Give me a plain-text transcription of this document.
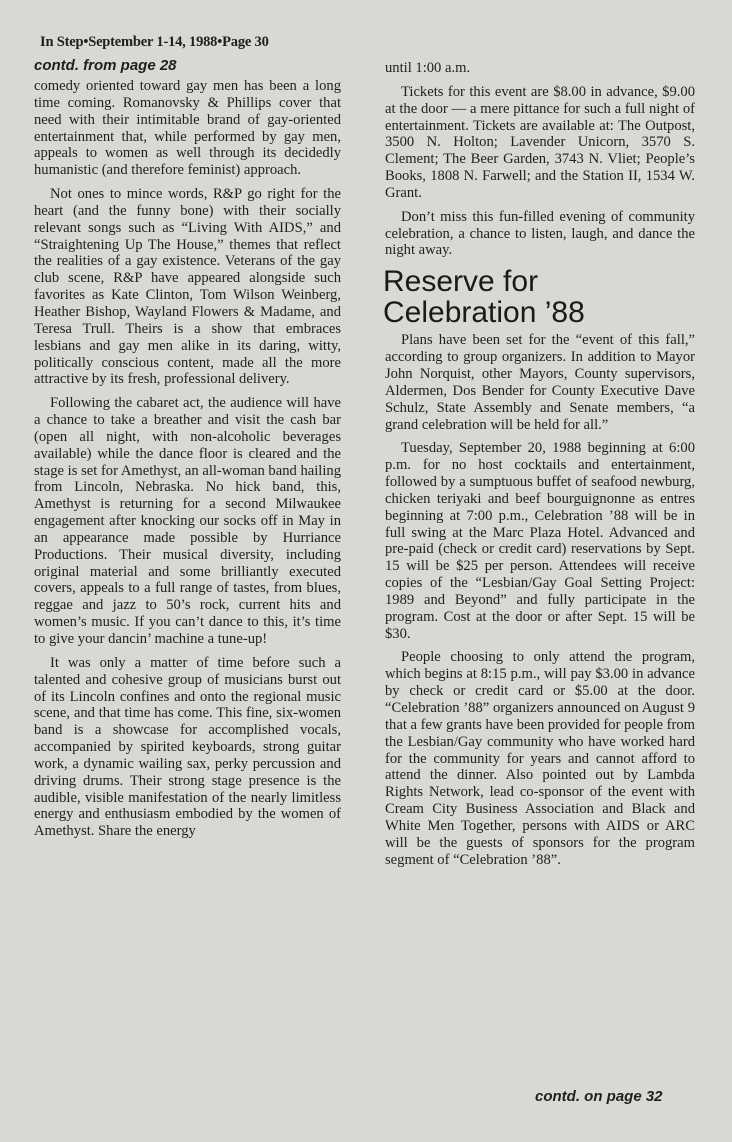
In Step•September 1-14, 1988•Page 30
contd. from page 28

comedy oriented toward gay men has been a long time coming. Romanovsky & Phillips cover that need with their intimitable brand of gay-oriented entertainment that, while performed by gay men, appeals to women as well through its decidedly humanistic (and therefore feminist) approach.

Not ones to mince words, R&P go right for the heart (and the funny bone) with their socially relevant songs such as “Living With AIDS,” and “Straightening Up The House,” themes that reflect the realities of a gay existence. Veterans of the gay club scene, R&P have appeared alongside such favorites as Kate Clinton, Tom Wilson Weinberg, Heather Bishop, Wayland Flowers & Madame, and Teresa Trull. Theirs is a show that embraces lesbians and gay men alike in its daring, witty, politically conscious content, made all the more attractive by its fresh, professional delivery.

Following the cabaret act, the audience will have a chance to take a breather and visit the cash bar (open all night, with non-alcoholic beverages available) while the dance floor is cleared and the stage is set for Amethyst, an all-woman band hailing from Lincoln, Nebraska. No hick band, this, Amethyst is returning for a second Milwaukee engagement after knocking our socks off in May in an appearance made possible by Hurriance Productions. Their musical diversity, including original material and some brilliantly executed covers, appeals to a full range of tastes, from blues, reggae and jazz to 50’s rock, current hits and women’s music. If you can’t dance to this, it’s time to give your dancin’ machine a tune-up!

It was only a matter of time before such a talented and cohesive group of musicians burst out of its Lincoln confines and onto the regional music scene, and that time has come. This fine, six-women band is a showcase for accomplished vocals, accompanied by spirited keyboards, strong guitar work, a dynamic wailing sax, perky percussion and driving drums. Their strong stage presence is the audible, visible manifestation of the nearly limitless energy and enthusiasm embodied by the women of Amethyst. Share the energy

until 1:00 a.m.

Tickets for this event are $8.00 in advance, $9.00 at the door — a mere pittance for such a full night of entertainment. Tickets are available at: The Outpost, 3500 N. Holton; Lavender Unicorn, 3570 S. Clement; The Beer Garden, 3743 N. Vliet; People’s Books, 1808 N. Farwell; and the Station II, 1534 W. Grant.

Don’t miss this fun-filled evening of community celebration, a chance to listen, laugh, and dance the night away.

Reserve for Celebration ’88

Plans have been set for the “event of this fall,” according to group organizers. In addition to Mayor John Norquist, other Mayors, County supervisors, Aldermen, Dos Bender for County Executive Dave Schulz, State Assembly and Senate members, “a grand celebration will be held for all.”

Tuesday, September 20, 1988 beginning at 6:00 p.m. for no host cocktails and entertainment, followed by a sumptuous buffet of seafood newburg, chicken teriyaki and beef bourguignonne as entres beginning at 7:00 p.m., Celebration ’88 will be in full swing at the Marc Plaza Hotel. Advanced and pre-paid (check or credit card) reservations by Sept. 15 will be $25 per person. Attendees will receive copies of the “Lesbian/Gay Goal Setting Project: 1989 and Beyond” and fully participate in the program. Cost at the door or after Sept. 15 will be $30.

People choosing to only attend the program, which begins at 8:15 p.m., will pay $3.00 in advance by check or credit card or $5.00 at the door. “Celebration ’88” organizers announced on August 9 that a few grants have been provided for people from the Lesbian/Gay community who have worked hard for the community for years and cannot afford to attend the dinner. Also pointed out by Lambda Rights Network, lead co-sponsor of the event with Cream City Business Association and Black and White Men Together, persons with AIDS or ARC will be the guests of sponsors for the program segment of “Celebration ’88”.

contd. on page 32
